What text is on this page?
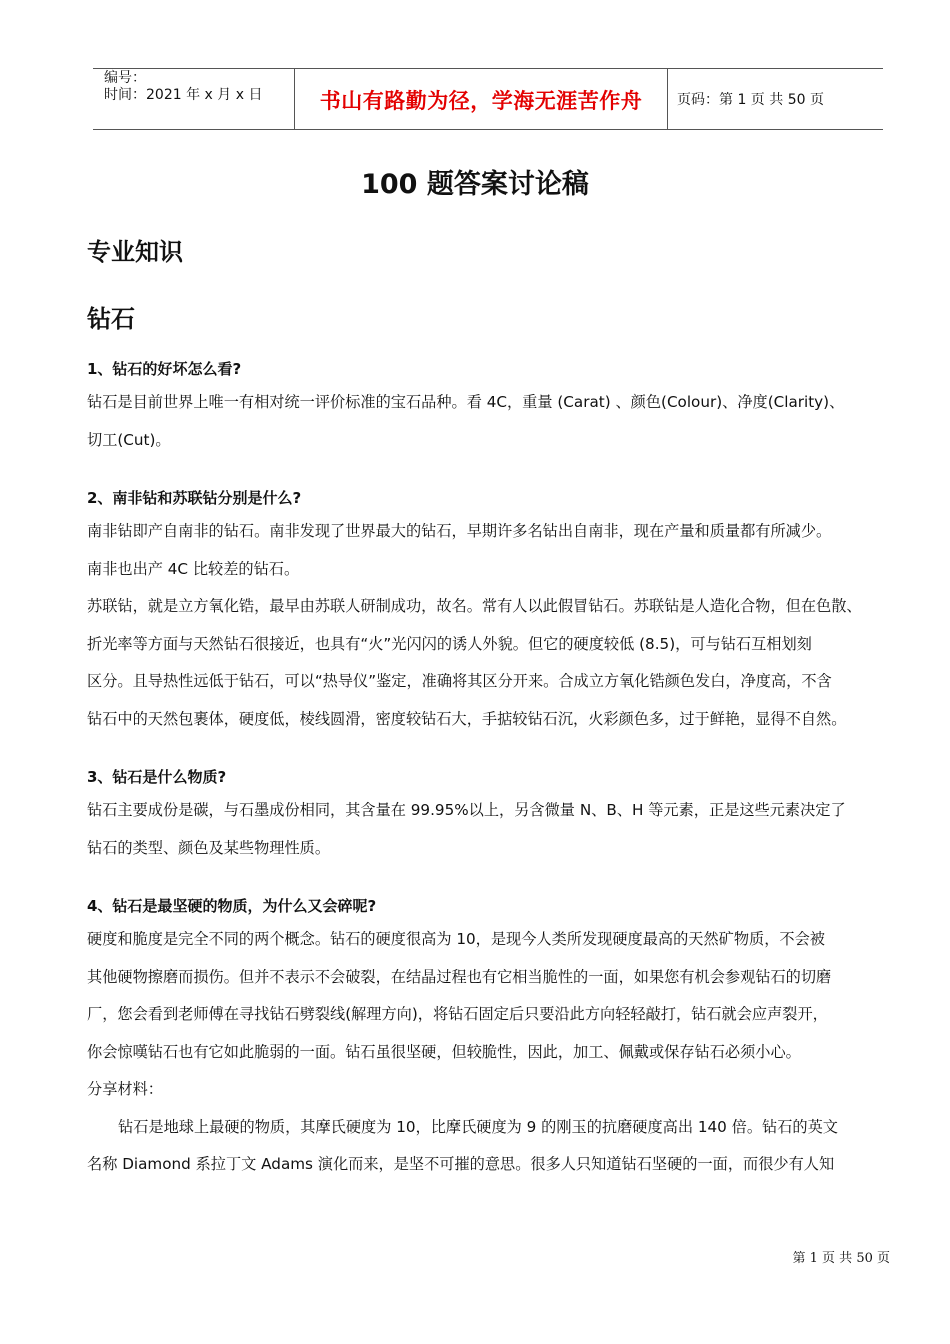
编号：
时间：2021 年 x 月 x 日	书山有路勤为径，学海无涯苦作舟	页码：第 1 页 共 50 页
100 题答案讨论稿
专业知识
钻石
1、钻石的好坏怎么看?
钻石是目前世界上唯一有相对统一评价标准的宝石品种。看 4C，重量 (Carat) 、颜色(Colour)、净度(Clarity)、
切工(Cut)。
2、南非钻和苏联钻分别是什么?
南非钻即产自南非的钻石。南非发现了世界最大的钻石，早期许多名钻出自南非，现在产量和质量都有所减少。
南非也出产 4C 比较差的钻石。
苏联钻，就是立方氧化锆，最早由苏联人研制成功，故名。常有人以此假冒钻石。苏联钻是人造化合物，但在色散、
折光率等方面与天然钻石很接近，也具有“火”光闪闪的诱人外貌。但它的硬度较低 (8.5)，可与钻石互相划刻
区分。且导热性远低于钻石，可以“热导仪”鉴定，准确将其区分开来。合成立方氧化锆颜色发白，净度高，不含
钻石中的天然包裹体，硬度低，棱线圆滑，密度较钻石大，手掂较钻石沉，火彩颜色多，过于鲜艳，显得不自然。
3、钻石是什么物质?
钻石主要成份是碳，与石墨成份相同，其含量在 99.95%以上，另含微量 N、B、H 等元素，正是这些元素决定了
钻石的类型、颜色及某些物理性质。
4、钻石是最坚硬的物质，为什么又会碎呢?
硬度和脆度是完全不同的两个概念。钻石的硬度很高为 10，是现今人类所发现硬度最高的天然矿物质，不会被
其他硬物擦磨而损伤。但并不表示不会破裂，在结晶过程也有它相当脆性的一面，如果您有机会参观钻石的切磨
厂，您会看到老师傅在寻找钻石劈裂线(解理方向)，将钻石固定后只要沿此方向轻轻敲打，钻石就会应声裂开，
你会惊嘆钻石也有它如此脆弱的一面。钻石虽很坚硬，但较脆性，因此，加工、佩戴或保存钻石必须小心。
分享材料：
钻石是地球上最硬的物质，其摩氏硬度为 10，比摩氏硬度为 9 的刚玉的抗磨硬度高出 140 倍。钻石的英文
名称 Diamond 系拉丁文 Adams 演化而来，是坚不可摧的意思。很多人只知道钻石坚硬的一面，而很少有人知
第 1 页 共 50 页
